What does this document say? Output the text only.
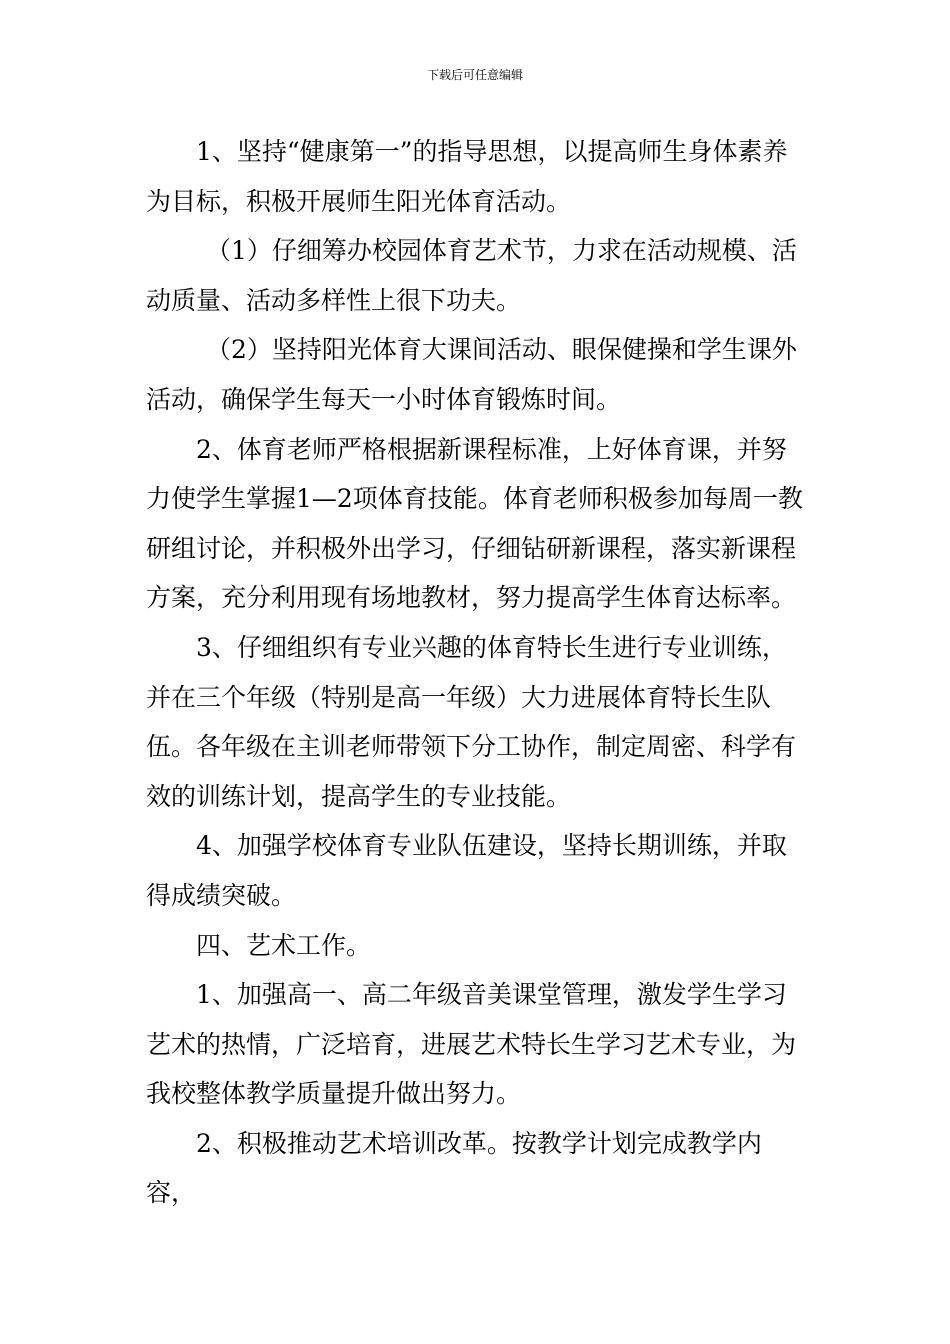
下载后可任意编辑

1、坚持“健康第一”的指导思想，以提高师生身体素养为目标，积极开展师生阳光体育活动。

（1）仔细筹办校园体育艺术节，力求在活动规模、活动质量、活动多样性上很下功夫。

（2）坚持阳光体育大课间活动、眼保健操和学生课外活动，确保学生每天一小时体育锻炼时间。

2、体育老师严格根据新课程标准，上好体育课，并努力使学生掌握1—2项体育技能。体育老师积极参加每周一教研组讨论，并积极外出学习，仔细钻研新课程，落实新课程方案，充分利用现有场地教材，努力提高学生体育达标率。

3、仔细组织有专业兴趣的体育特长生进行专业训练，并在三个年级（特别是高一年级）大力进展体育特长生队伍。各年级在主训老师带领下分工协作，制定周密、科学有效的训练计划，提高学生的专业技能。

4、加强学校体育专业队伍建设，坚持长期训练，并取得成绩突破。

四、艺术工作。

1、加强高一、高二年级音美课堂管理，激发学生学习艺术的热情，广泛培育，进展艺术特长生学习艺术专业，为我校整体教学质量提升做出努力。

2、积极推动艺术培训改革。按教学计划完成教学内容，
